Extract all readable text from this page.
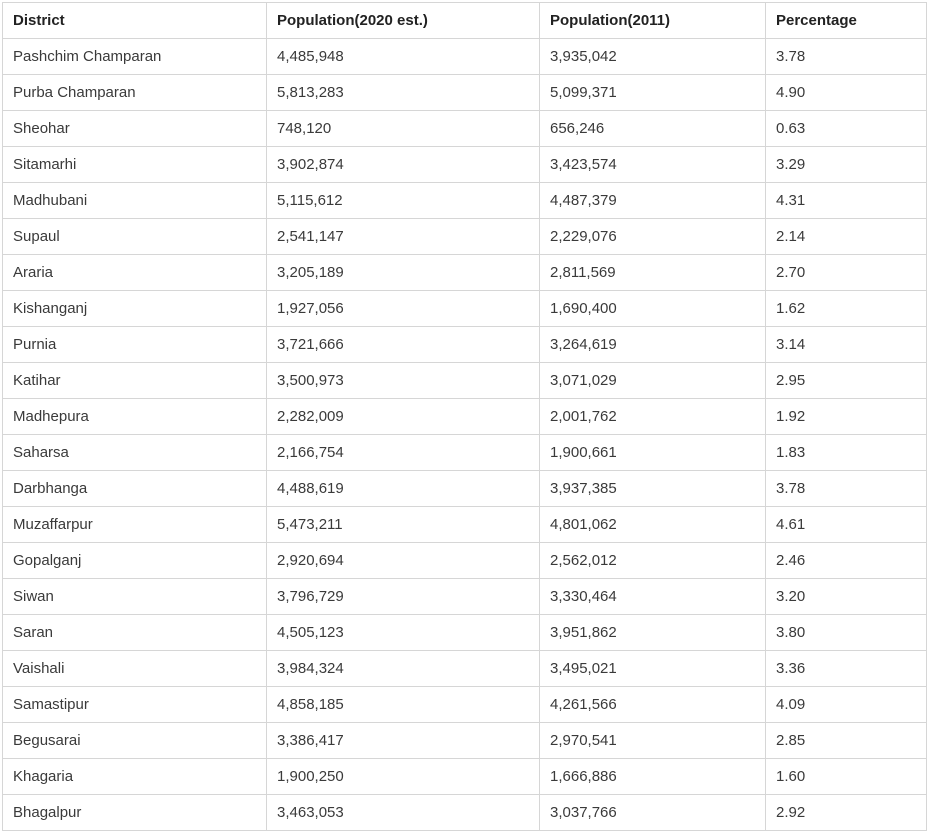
District	Population(2020 est.)	Population(2011)	Percentage
Pashchim Champaran	4,485,948	3,935,042	3.78
Purba Champaran	5,813,283	5,099,371	4.90
Sheohar	748,120	656,246	0.63
Sitamarhi	3,902,874	3,423,574	3.29
Madhubani	5,115,612	4,487,379	4.31
Supaul	2,541,147	2,229,076	2.14
Araria	3,205,189	2,811,569	2.70
Kishanganj	1,927,056	1,690,400	1.62
Purnia	3,721,666	3,264,619	3.14
Katihar	3,500,973	3,071,029	2.95
Madhepura	2,282,009	2,001,762	1.92
Saharsa	2,166,754	1,900,661	1.83
Darbhanga	4,488,619	3,937,385	3.78
Muzaffarpur	5,473,211	4,801,062	4.61
Gopalganj	2,920,694	2,562,012	2.46
Siwan	3,796,729	3,330,464	3.20
Saran	4,505,123	3,951,862	3.80
Vaishali	3,984,324	3,495,021	3.36
Samastipur	4,858,185	4,261,566	4.09
Begusarai	3,386,417	2,970,541	2.85
Khagaria	1,900,250	1,666,886	1.60
Bhagalpur	3,463,053	3,037,766	2.92
